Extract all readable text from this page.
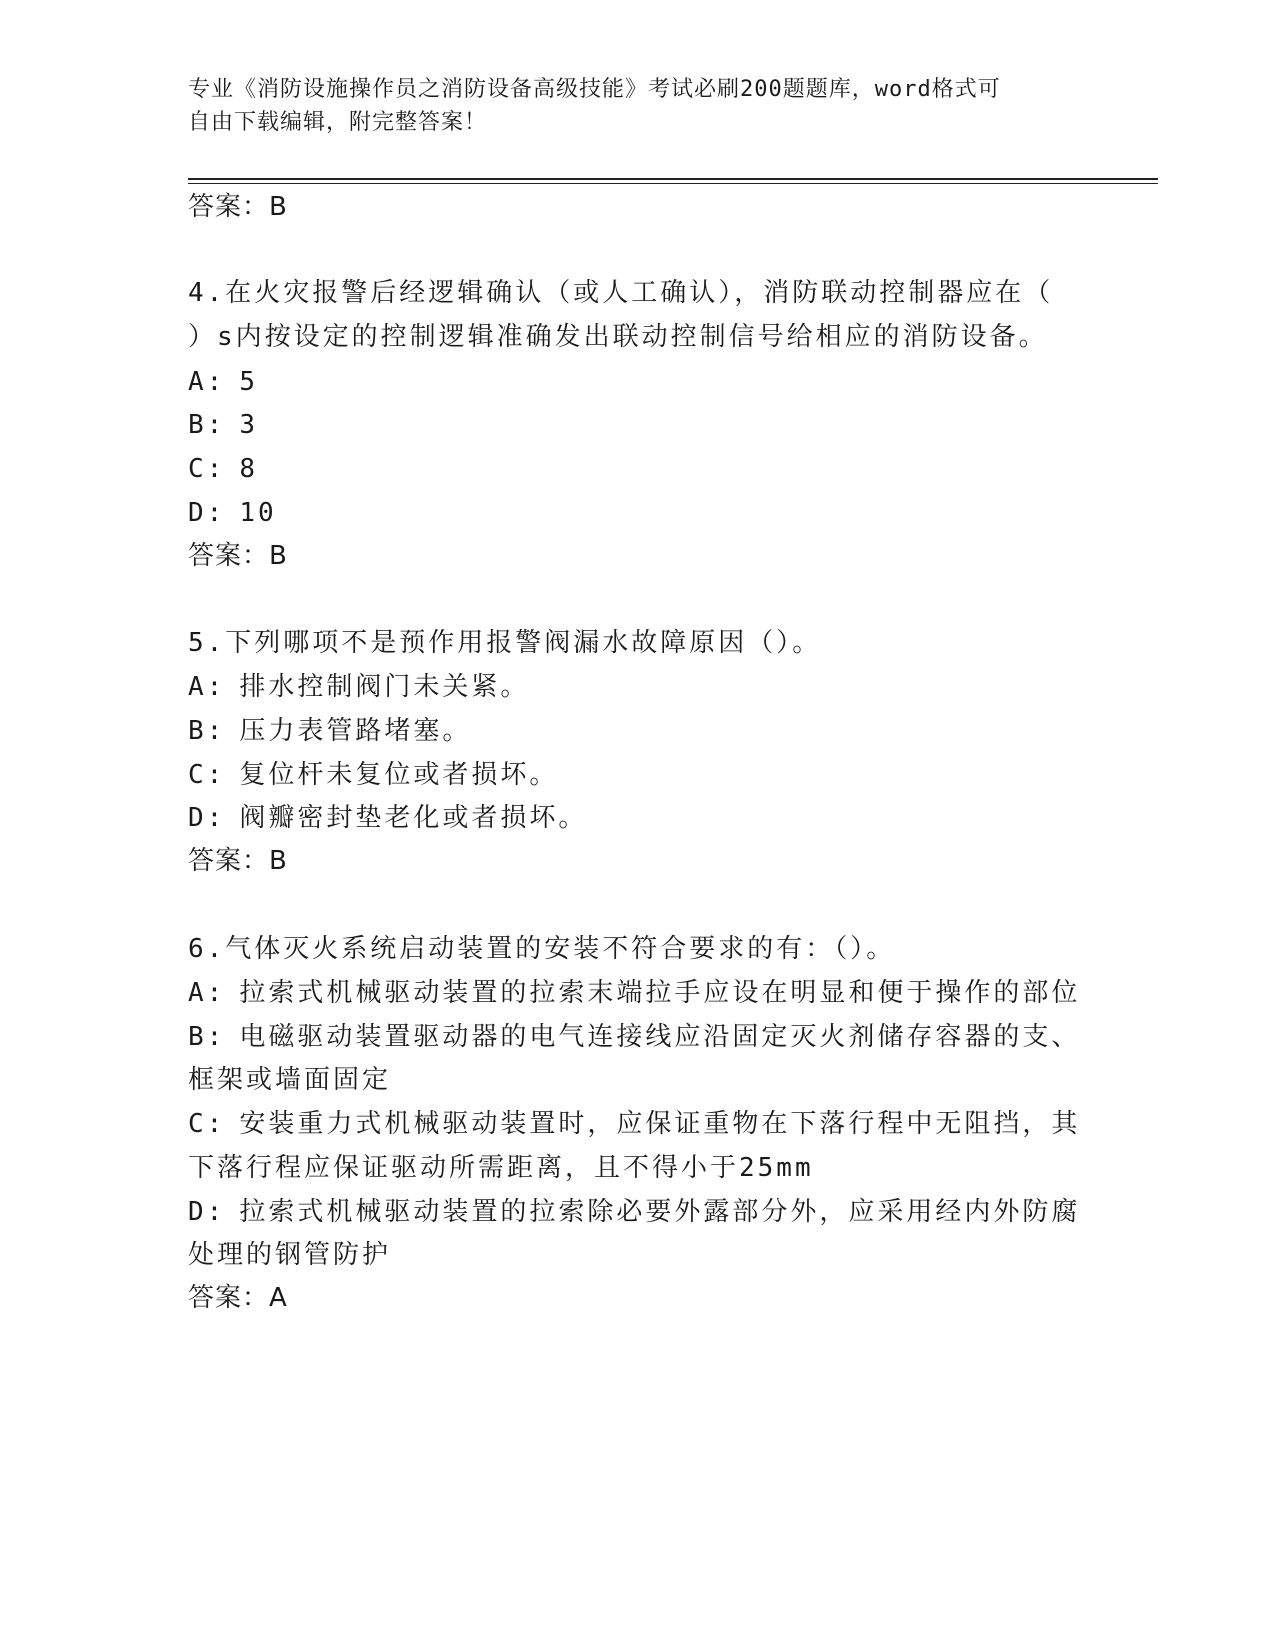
专业《消防设施操作员之消防设备高级技能》考试必刷200题题库，word格式可
自由下载编辑，附完整答案！
答案：B
4.在火灾报警后经逻辑确认（或人工确认），消防联动控制器应在（
）s内按设定的控制逻辑准确发出联动控制信号给相应的消防设备。
A: 5
B: 3
C: 8
D: 10
答案：B
5.下列哪项不是预作用报警阀漏水故障原因（）。
A: 排水控制阀门未关紧。
B: 压力表管路堵塞。
C: 复位杆未复位或者损坏。
D: 阀瓣密封垫老化或者损坏。
答案：B
6.气体灭火系统启动装置的安装不符合要求的有：（）。
A: 拉索式机械驱动装置的拉索末端拉手应设在明显和便于操作的部位
B: 电磁驱动装置驱动器的电气连接线应沿固定灭火剂储存容器的支、
框架或墙面固定
C: 安装重力式机械驱动装置时，应保证重物在下落行程中无阻挡，其
下落行程应保证驱动所需距离，且不得小于25mm
D: 拉索式机械驱动装置的拉索除必要外露部分外，应采用经内外防腐
处理的钢管防护
答案：A
